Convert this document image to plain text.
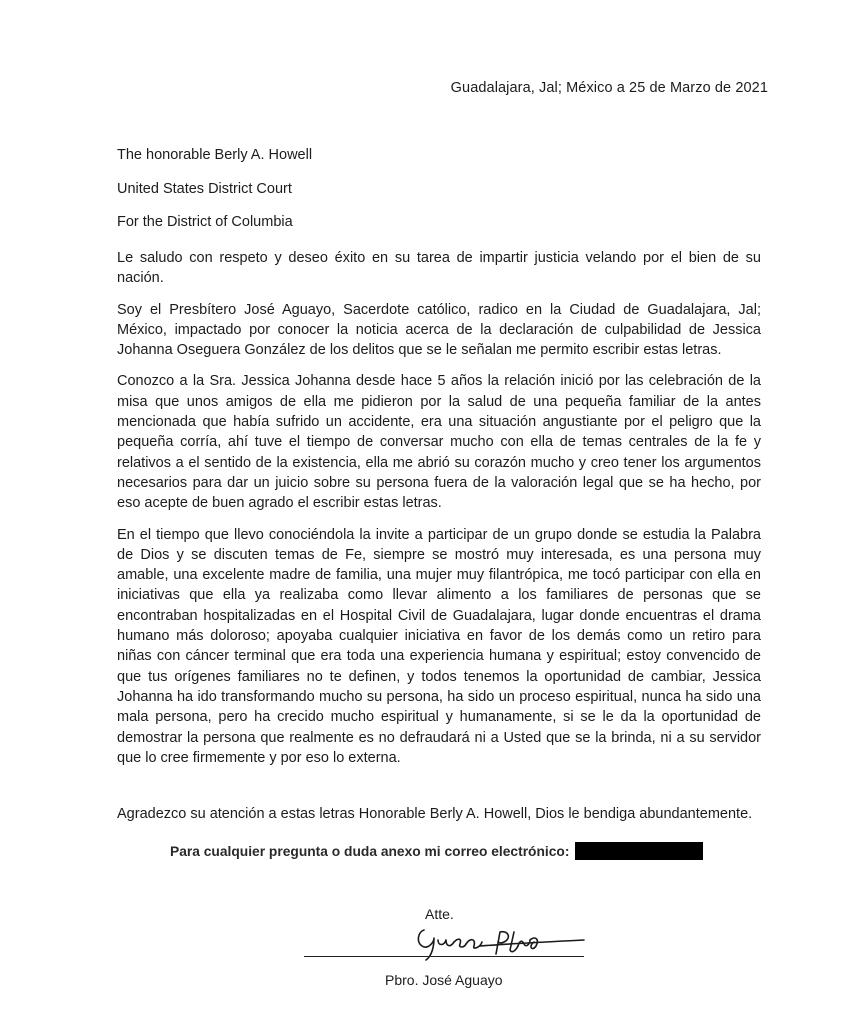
Guadalajara, Jal; México a 25 de Marzo de 2021

The honorable Berly A. Howell

United States District Court

For the District of Columbia

Le saludo con respeto y deseo éxito en su tarea de impartir justicia velando por el bien de su nación.

Soy el Presbítero José Aguayo, Sacerdote católico, radico en la Ciudad de Guadalajara, Jal; México, impactado por conocer la noticia acerca de la declaración de culpabilidad de Jessica Johanna Oseguera González de los delitos que se le señalan me permito escribir estas letras.

Conozco a la Sra. Jessica Johanna desde hace 5 años la relación inició por las celebración de la misa que unos amigos de ella me pidieron por la salud de una pequeña familiar de la antes mencionada que había sufrido un accidente, era una situación angustiante por el peligro que la pequeña corría, ahí tuve el tiempo de conversar mucho con ella de temas centrales de la fe y relativos a el sentido de la existencia, ella me abrió su corazón mucho y creo tener los argumentos necesarios para dar un juicio sobre su persona fuera de la valoración legal que se ha hecho, por eso acepte de buen agrado el escribir estas letras.

En el tiempo que llevo conociéndola la invite a participar de un grupo donde se estudia la Palabra de Dios y se discuten temas de Fe, siempre se mostró muy interesada, es una persona muy amable, una excelente madre de familia, una mujer muy filantrópica, me tocó participar con ella en iniciativas que ella ya realizaba como llevar alimento a los familiares de personas que se encontraban hospitalizadas en el Hospital Civil de Guadalajara, lugar donde encuentras el drama humano más doloroso; apoyaba cualquier iniciativa en favor de los demás como un retiro para niñas con cáncer terminal que era toda una experiencia humana y espiritual; estoy convencido de que tus orígenes familiares no te definen, y todos tenemos la oportunidad de cambiar, Jessica Johanna ha ido transformando mucho su persona, ha sido un proceso espiritual, nunca ha sido una mala persona, pero ha crecido mucho espiritual y humanamente, si se le da la oportunidad de demostrar la persona que realmente es no defraudará ni a Usted que se la brinda, ni a su servidor que lo cree firmemente y por eso lo externa.

Agradezco su atención a estas letras Honorable Berly A. Howell, Dios le bendiga abundantemente.
Para cualquier pregunta o duda anexo mi correo electrónico:
Atte.
Pbro. José Aguayo
